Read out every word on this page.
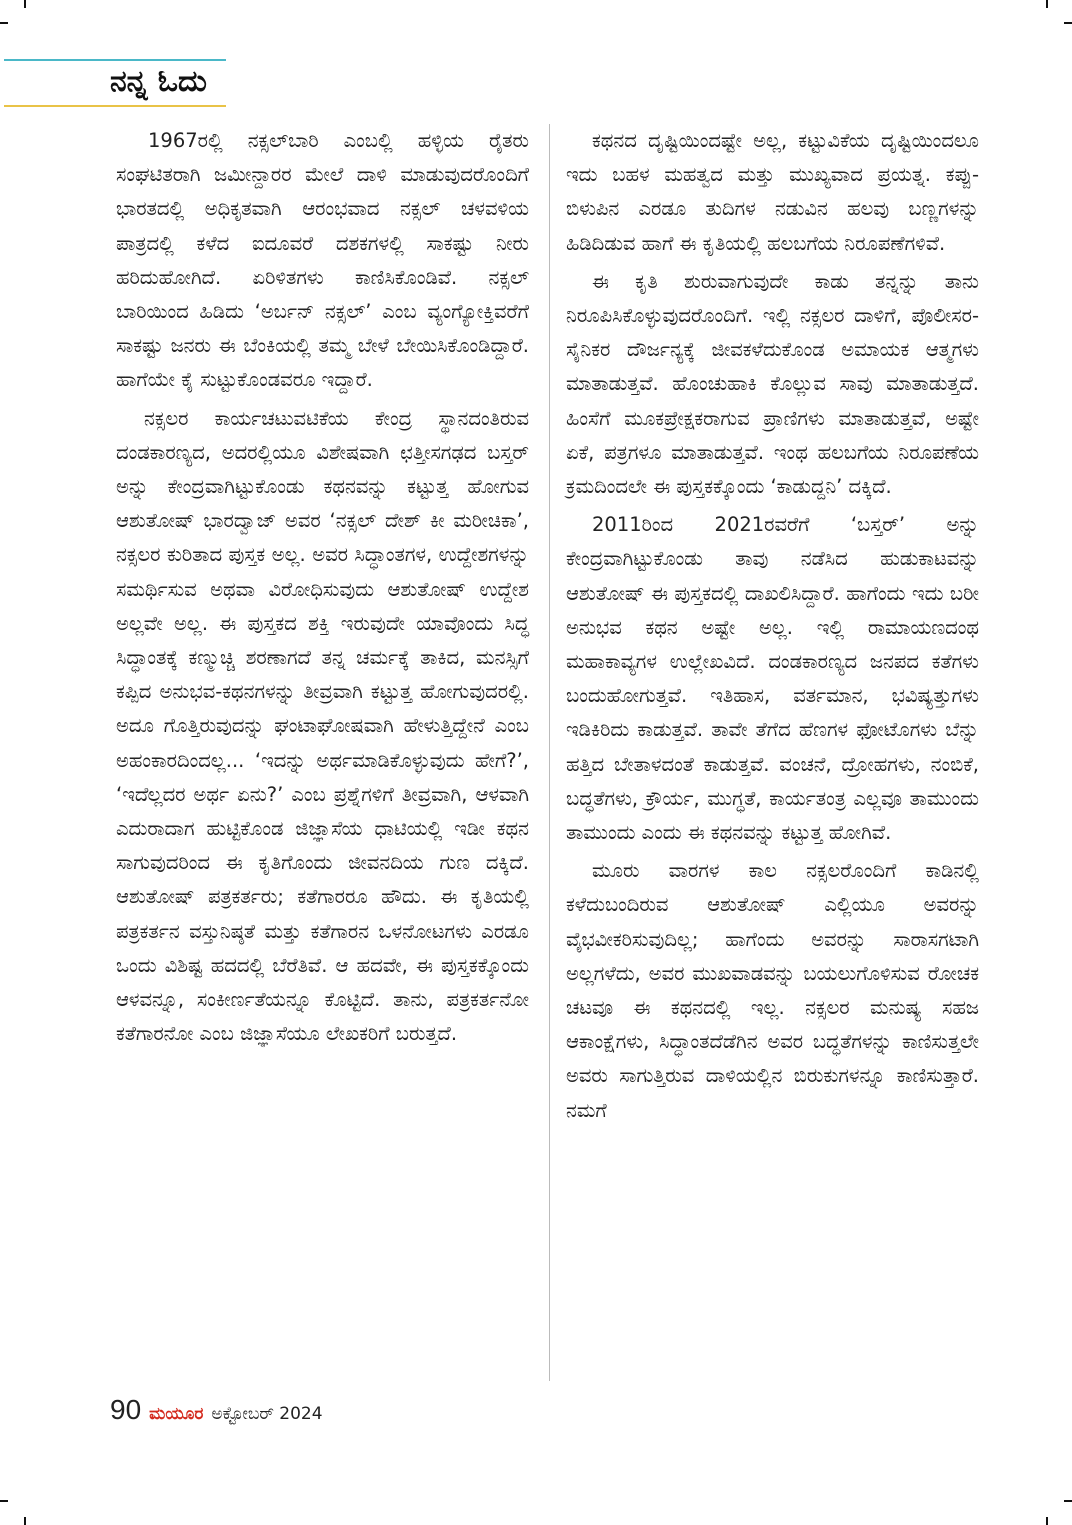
ನನ್ನ ಓದು

1967ರಲ್ಲಿ ನಕ್ಸಲ್‌ಬಾರಿ ಎಂಬಲ್ಲಿ ಹಳ್ಳಿಯ ರೈತರು ಸಂಘಟಿತರಾಗಿ ಜಮೀನ್ದಾರರ ಮೇಲೆ ದಾಳಿ ಮಾಡುವುದರೊಂದಿಗೆ ಭಾರತದಲ್ಲಿ ಅಧಿಕೃತವಾಗಿ ಆರಂಭವಾದ ನಕ್ಸಲ್ ಚಳವಳಿಯ ಪಾತ್ರದಲ್ಲಿ ಕಳೆದ ಐದೂವರೆ ದಶಕಗಳಲ್ಲಿ ಸಾಕಷ್ಟು ನೀರು ಹರಿದುಹೋಗಿದೆ. ಏರಿಳಿತಗಳು ಕಾಣಿಸಿಕೊಂಡಿವೆ. ನಕ್ಸಲ್ ಬಾರಿಯಿಂದ ಹಿಡಿದು ‘ಅರ್ಬನ್ ನಕ್ಸಲ್’ ಎಂಬ ವ್ಯಂಗ್ಯೋಕ್ತಿವರೆಗೆ ಸಾಕಷ್ಟು ಜನರು ಈ ಬೆಂಕಿಯಲ್ಲಿ ತಮ್ಮ ಬೇಳೆ ಬೇಯಿಸಿಕೊಂಡಿದ್ದಾರೆ. ಹಾಗೆಯೇ ಕೈ ಸುಟ್ಟುಕೊಂಡವರೂ ಇದ್ದಾರೆ.

ನಕ್ಸಲರ ಕಾರ್ಯಚಟುವಟಿಕೆಯ ಕೇಂದ್ರ ಸ್ಥಾನದಂತಿರುವ ದಂಡಕಾರಣ್ಯದ, ಅದರಲ್ಲಿಯೂ ವಿಶೇಷವಾಗಿ ಛತ್ತೀಸಗಢದ ಬಸ್ತರ್ ಅನ್ನು ಕೇಂದ್ರವಾಗಿಟ್ಟುಕೊಂಡು ಕಥನವನ್ನು ಕಟ್ಟುತ್ತ ಹೋಗುವ ಆಶುತೋಷ್ ಭಾರದ್ವಾಜ್ ಅವರ ‘ನಕ್ಸಲ್ ದೇಶ್ ಕೀ ಮರೀಚಿಕಾ’, ನಕ್ಸಲರ ಕುರಿತಾದ ಪುಸ್ತಕ ಅಲ್ಲ. ಅವರ ಸಿದ್ಧಾಂತಗಳ, ಉದ್ದೇಶಗಳನ್ನು ಸಮರ್ಥಿಸುವ ಅಥವಾ ವಿರೋಧಿಸುವುದು ಆಶುತೋಷ್ ಉದ್ದೇಶ ಅಲ್ಲವೇ ಅಲ್ಲ. ಈ ಪುಸ್ತಕದ ಶಕ್ತಿ ಇರುವುದೇ ಯಾವೊಂದು ಸಿದ್ಧ ಸಿದ್ಧಾಂತಕ್ಕೆ ಕಣ್ಮುಚ್ಚಿ ಶರಣಾಗದೆ ತನ್ನ ಚರ್ಮಕ್ಕೆ ತಾಕಿದ, ಮನಸ್ಸಿಗೆ ಕಪ್ಪಿದ ಅನುಭವ-ಕಥನಗಳನ್ನು ತೀವ್ರವಾಗಿ ಕಟ್ಟುತ್ತ ಹೋಗುವುದರಲ್ಲಿ. ಅದೂ ಗೊತ್ತಿರುವುದನ್ನು ಘಂಟಾಘೋಷವಾಗಿ ಹೇಳುತ್ತಿದ್ದೇನೆ ಎಂಬ ಅಹಂಕಾರದಿಂದಲ್ಲ... ‘ಇದನ್ನು ಅರ್ಥಮಾಡಿಕೊಳ್ಳುವುದು ಹೇಗೆ?’, ‘ಇದೆಲ್ಲದರ ಅರ್ಥ ಏನು?’ ಎಂಬ ಪ್ರಶ್ನೆಗಳಿಗೆ ತೀವ್ರವಾಗಿ, ಆಳವಾಗಿ ಎದುರಾದಾಗ ಹುಟ್ಟಿಕೊಂಡ ಜಿಜ್ಞಾಸೆಯ ಧಾಟಿಯಲ್ಲಿ ಇಡೀ ಕಥನ ಸಾಗುವುದರಿಂದ ಈ ಕೃತಿಗೊಂದು ಜೀವನದಿಯ ಗುಣ ದಕ್ಕಿದೆ. ಆಶುತೋಷ್ ಪತ್ರಕರ್ತರು; ಕತೆಗಾರರೂ ಹೌದು. ಈ ಕೃತಿಯಲ್ಲಿ ಪತ್ರಕರ್ತನ ವಸ್ತುನಿಷ್ಠತೆ ಮತ್ತು ಕತೆಗಾರನ ಒಳನೋಟಗಳು ಎರಡೂ ಒಂದು ವಿಶಿಷ್ಟ ಹದದಲ್ಲಿ ಬೆರೆತಿವೆ. ಆ ಹದವೇ, ಈ ಪುಸ್ತಕಕ್ಕೊಂದು ಆಳವನ್ನೂ, ಸಂಕೀರ್ಣತೆಯನ್ನೂ ಕೊಟ್ಟಿದೆ. ತಾನು, ಪತ್ರಕರ್ತನೋ ಕತೆಗಾರನೋ ಎಂಬ ಜಿಜ್ಞಾಸೆಯೂ ಲೇಖಕರಿಗೆ ಬರುತ್ತದೆ.

ಕಥನದ ದೃಷ್ಟಿಯಿಂದಷ್ಟೇ ಅಲ್ಲ, ಕಟ್ಟುವಿಕೆಯ ದೃಷ್ಟಿಯಿಂದಲೂ ಇದು ಬಹಳ ಮಹತ್ವದ ಮತ್ತು ಮುಖ್ಯವಾದ ಪ್ರಯತ್ನ. ಕಪ್ಪು-ಬಿಳುಪಿನ ಎರಡೂ ತುದಿಗಳ ನಡುವಿನ ಹಲವು ಬಣ್ಣಗಳನ್ನು ಹಿಡಿದಿಡುವ ಹಾಗೆ ಈ ಕೃತಿಯಲ್ಲಿ ಹಲಬಗೆಯ ನಿರೂಪಣೆಗಳಿವೆ.

ಈ ಕೃತಿ ಶುರುವಾಗುವುದೇ ಕಾಡು ತನ್ನನ್ನು ತಾನು ನಿರೂಪಿಸಿಕೊಳ್ಳುವುದರೊಂದಿಗೆ. ಇಲ್ಲಿ ನಕ್ಸಲರ ದಾಳಿಗೆ, ಪೊಲೀಸರ-ಸೈನಿಕರ ದೌರ್ಜನ್ಯಕ್ಕೆ ಜೀವಕಳೆದುಕೊಂಡ ಅಮಾಯಕ ಆತ್ಮಗಳು ಮಾತಾಡುತ್ತವೆ. ಹೊಂಚುಹಾಕಿ ಕೊಲ್ಲುವ ಸಾವು ಮಾತಾಡುತ್ತದೆ. ಹಿಂಸೆಗೆ ಮೂಕಪ್ರೇಕ್ಷಕರಾಗುವ ಪ್ರಾಣಿಗಳು ಮಾತಾಡುತ್ತವೆ, ಅಷ್ಟೇ ಏಕೆ, ಪತ್ರಗಳೂ ಮಾತಾಡುತ್ತವೆ. ಇಂಥ ಹಲಬಗೆಯ ನಿರೂಪಣೆಯ ಕ್ರಮದಿಂದಲೇ ಈ ಪುಸ್ತಕಕ್ಕೊಂದು ‘ಕಾಡುದ್ದನಿ’ ದಕ್ಕಿದೆ.

2011ರಿಂದ 2021ರವರೆಗೆ ‘ಬಸ್ತರ್’ ಅನ್ನು ಕೇಂದ್ರವಾಗಿಟ್ಟುಕೊಂಡು ತಾವು ನಡೆಸಿದ ಹುಡುಕಾಟವನ್ನು ಆಶುತೋಷ್ ಈ ಪುಸ್ತಕದಲ್ಲಿ ದಾಖಲಿಸಿದ್ದಾರೆ. ಹಾಗೆಂದು ಇದು ಬರೀ ಅನುಭವ ಕಥನ ಅಷ್ಟೇ ಅಲ್ಲ. ಇಲ್ಲಿ ರಾಮಾಯಣದಂಥ ಮಹಾಕಾವ್ಯಗಳ ಉಲ್ಲೇಖವಿದೆ. ದಂಡಕಾರಣ್ಯದ ಜನಪದ ಕತೆಗಳು ಬಂದುಹೋಗುತ್ತವೆ. ಇತಿಹಾಸ, ವರ್ತಮಾನ, ಭವಿಷ್ಯತ್ತುಗಳು ಇಡಿಕಿರಿದು ಕಾಡುತ್ತವೆ. ತಾವೇ ತೆಗೆದ ಹೆಣಗಳ ಫೋಟೊಗಳು ಬೆನ್ನು ಹತ್ತಿದ ಬೇತಾಳದಂತೆ ಕಾಡುತ್ತವೆ. ವಂಚನೆ, ದ್ರೋಹಗಳು, ನಂಬಿಕೆ, ಬದ್ಧತೆಗಳು, ಕ್ರೌರ್ಯ, ಮುಗ್ಧತೆ, ಕಾರ್ಯತಂತ್ರ ಎಲ್ಲವೂ ತಾಮುಂದು ತಾಮುಂದು ಎಂದು ಈ ಕಥನವನ್ನು ಕಟ್ಟುತ್ತ ಹೋಗಿವೆ.

ಮೂರು ವಾರಗಳ ಕಾಲ ನಕ್ಸಲರೊಂದಿಗೆ ಕಾಡಿನಲ್ಲಿ ಕಳೆದುಬಂದಿರುವ ಆಶುತೋಷ್ ಎಲ್ಲಿಯೂ ಅವರನ್ನು ವೈಭವೀಕರಿಸುವುದಿಲ್ಲ; ಹಾಗೆಂದು ಅವರನ್ನು ಸಾರಾಸಗಟಾಗಿ ಅಲ್ಲಗಳೆದು, ಅವರ ಮುಖವಾಡವನ್ನು ಬಯಲುಗೊಳಿಸುವ ರೋಚಕ ಚಟವೂ ಈ ಕಥನದಲ್ಲಿ ಇಲ್ಲ. ನಕ್ಸಲರ ಮನುಷ್ಯ ಸಹಜ ಆಕಾಂಕ್ಷೆಗಳು, ಸಿದ್ಧಾಂತದೆಡೆಗಿನ ಅವರ ಬದ್ಧತೆಗಳನ್ನು ಕಾಣಿಸುತ್ತಲೇ ಅವರು ಸಾಗುತ್ತಿರುವ ದಾಳಿಯಲ್ಲಿನ ಬಿರುಕುಗಳನ್ನೂ ಕಾಣಿಸುತ್ತಾರೆ. ನಮಗೆ

90 ಮಯೂರ ಅಕ್ಟೋಬರ್ 2024
